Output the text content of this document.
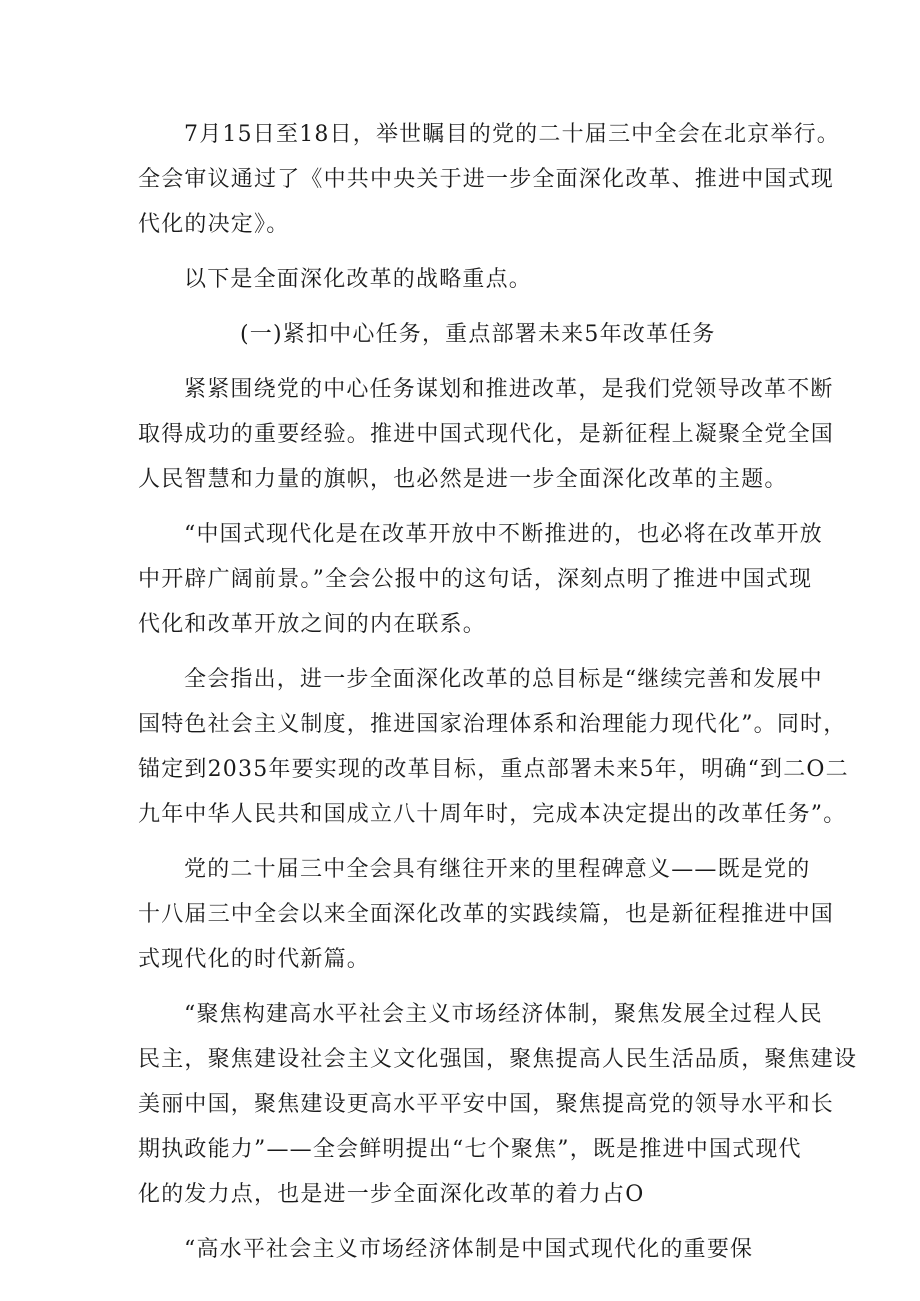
7月15日至18日，举世瞩目的党的二十届三中全会在北京举行。
全会审议通过了《中共中央关于进一步全面深化改革、推进中国式现
代化的决定》。
以下是全面深化改革的战略重点。
(一)紧扣中心任务，重点部署未来5年改革任务
紧紧围绕党的中心任务谋划和推进改革，是我们党领导改革不断
取得成功的重要经验。推进中国式现代化，是新征程上凝聚全党全国
人民智慧和力量的旗帜，也必然是进一步全面深化改革的主题。
“中国式现代化是在改革开放中不断推进的，也必将在改革开放
中开辟广阔前景。”全会公报中的这句话，深刻点明了推进中国式现
代化和改革开放之间的内在联系。
全会指出，进一步全面深化改革的总目标是“继续完善和发展中
国特色社会主义制度，推进国家治理体系和治理能力现代化”。同时，
锚定到2035年要实现的改革目标，重点部署未来5年，明确“到二O二
九年中华人民共和国成立八十周年时，完成本决定提出的改革任务”。
党的二十届三中全会具有继往开来的里程碑意义——既是党的
十八届三中全会以来全面深化改革的实践续篇，也是新征程推进中国
式现代化的时代新篇。
“聚焦构建高水平社会主义市场经济体制，聚焦发展全过程人民
民主，聚焦建设社会主义文化强国，聚焦提高人民生活品质，聚焦建设
美丽中国，聚焦建设更高水平平安中国，聚焦提高党的领导水平和长
期执政能力”——全会鲜明提出“七个聚焦”，既是推进中国式现代
化的发力点，也是进一步全面深化改革的着力占O
“高水平社会主义市场经济体制是中国式现代化的重要保
